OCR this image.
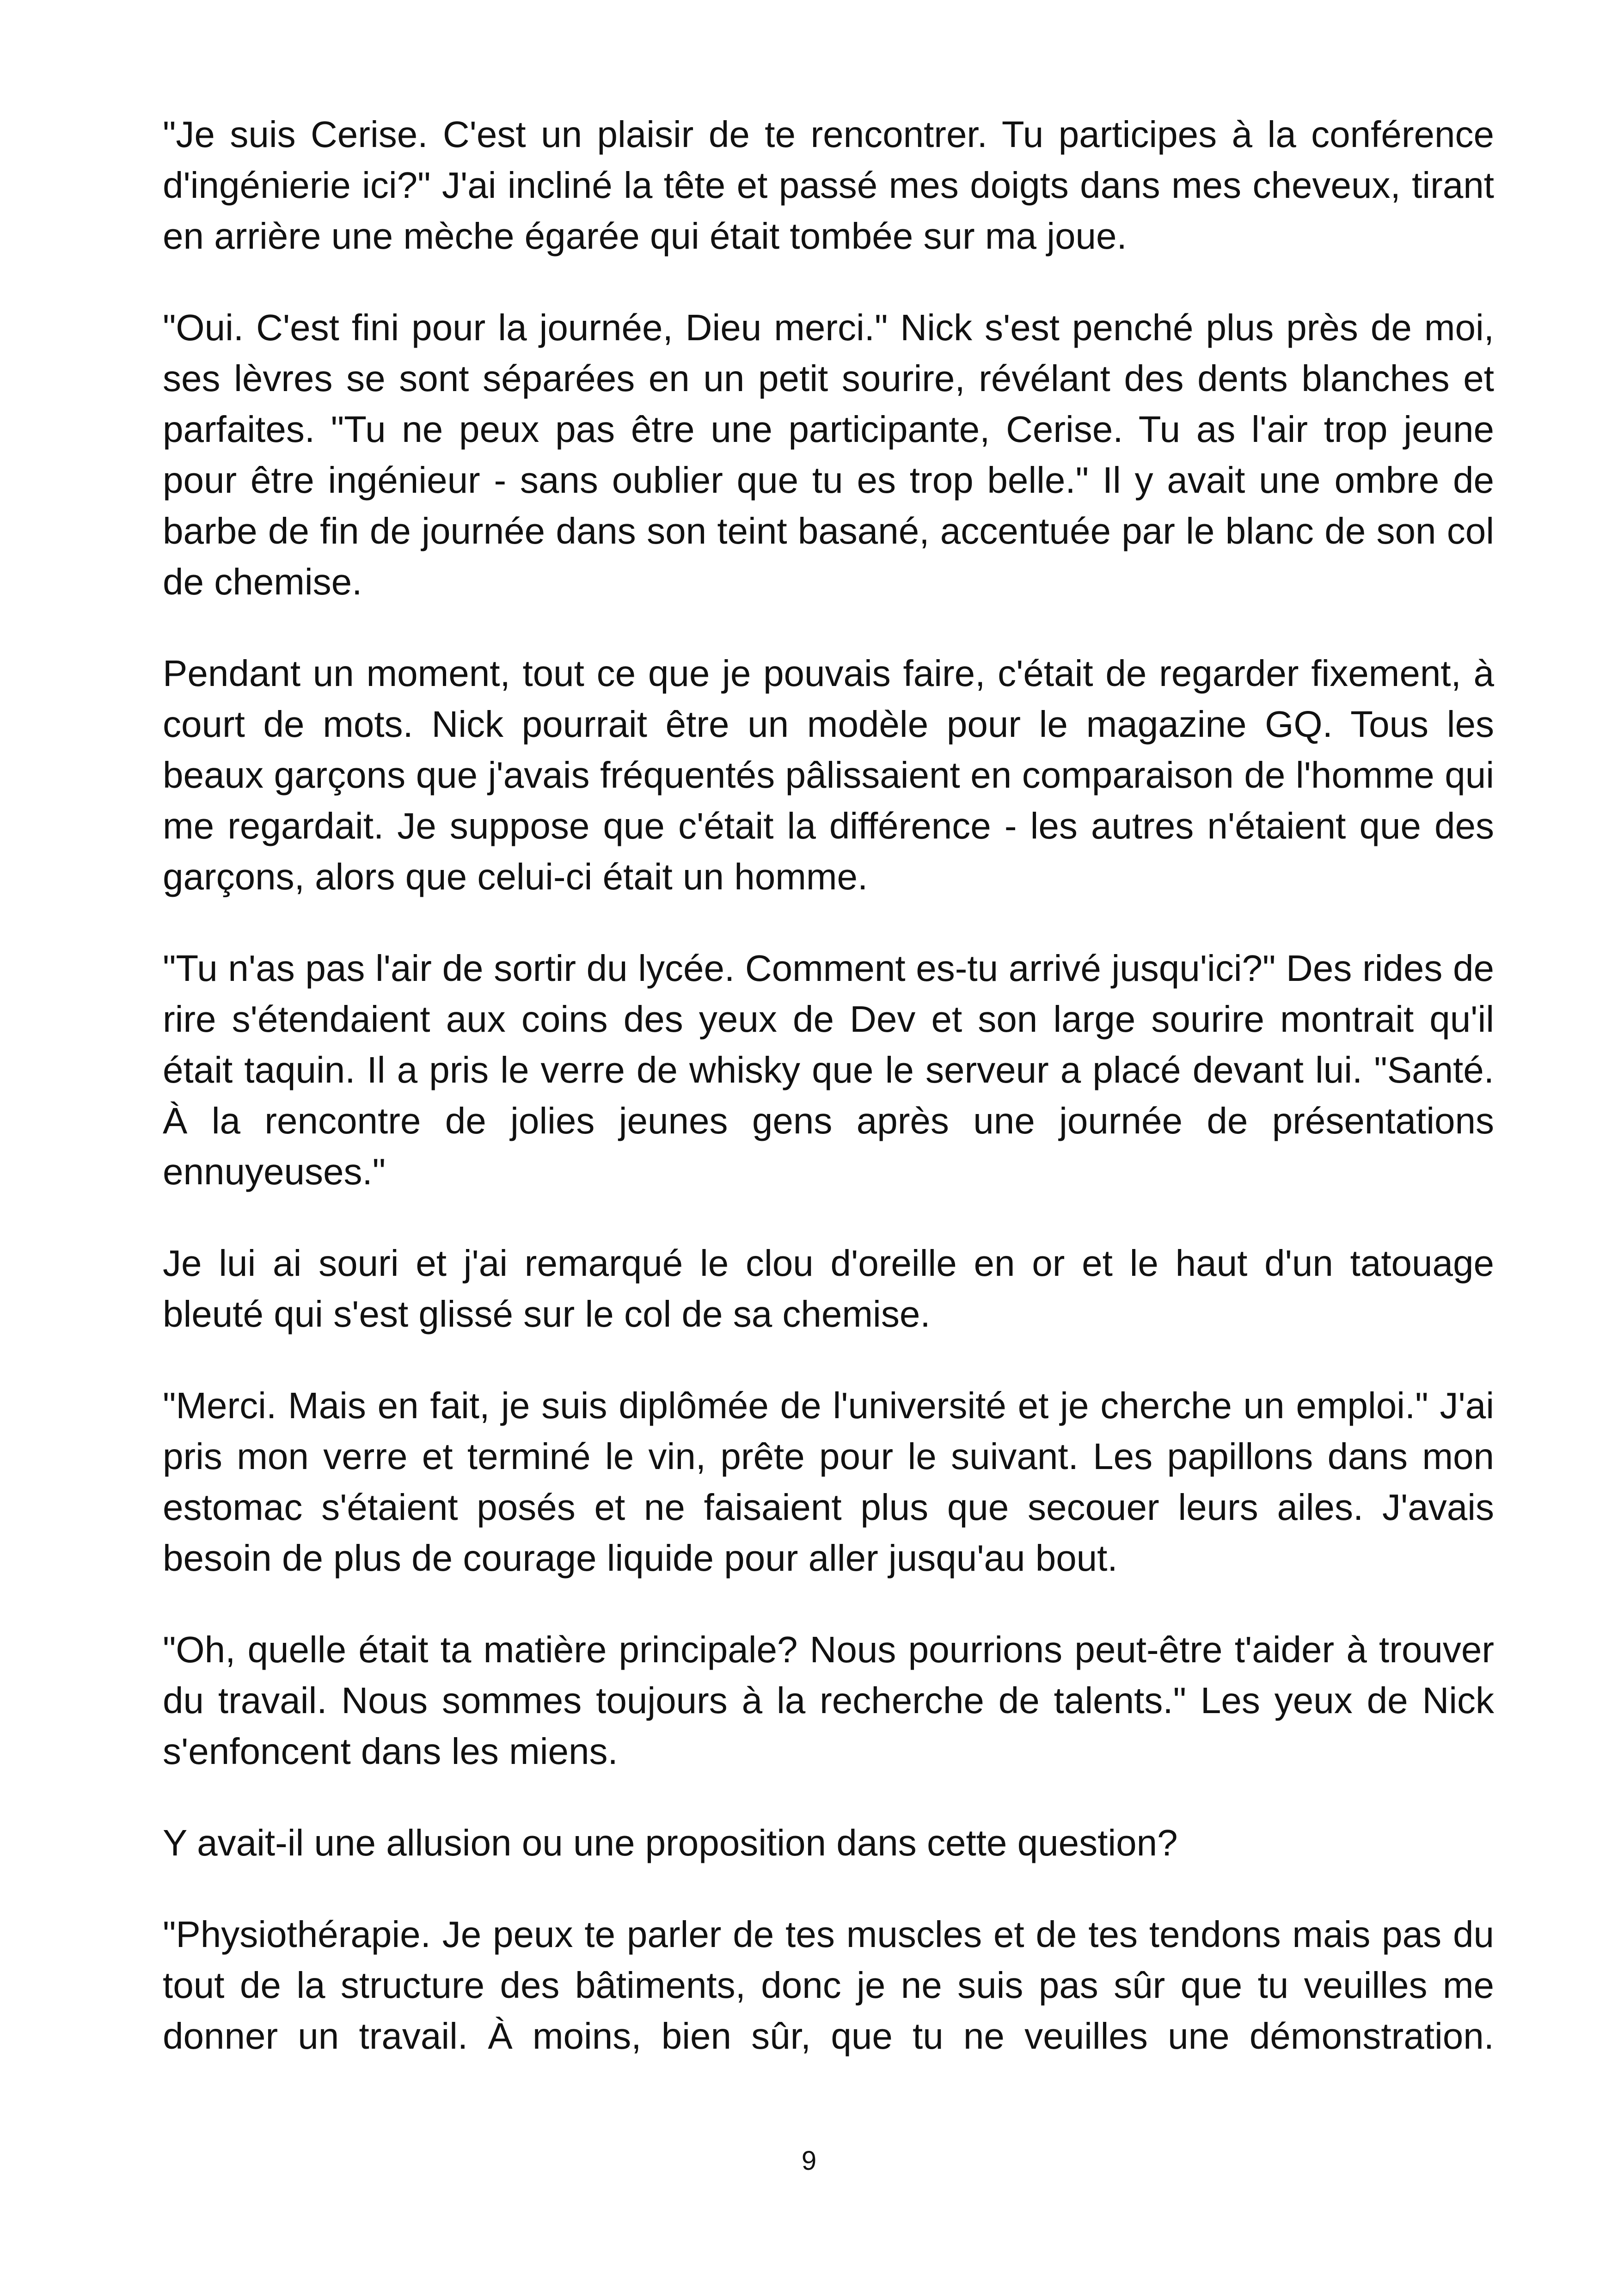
"Je suis Cerise. C'est un plaisir de te rencontrer. Tu participes à la conférence d'ingénierie ici?" J'ai incliné la tête et passé mes doigts dans mes cheveux, tirant en arrière une mèche égarée qui était tombée sur ma joue.

"Oui. C'est fini pour la journée, Dieu merci." Nick s'est penché plus près de moi, ses lèvres se sont séparées en un petit sourire, révélant des dents blanches et parfaites. "Tu ne peux pas être une participante, Cerise. Tu as l'air trop jeune pour être ingénieur - sans oublier que tu es trop belle." Il y avait une ombre de barbe de fin de journée dans son teint basané, accentuée par le blanc de son col de chemise.

Pendant un moment, tout ce que je pouvais faire, c'était de regarder fixement, à court de mots. Nick pourrait être un modèle pour le magazine GQ. Tous les beaux garçons que j'avais fréquentés pâlissaient en comparaison de l'homme qui me regardait. Je suppose que c'était la différence - les autres n'étaient que des garçons, alors que celui-ci était un homme.

"Tu n'as pas l'air de sortir du lycée. Comment es-tu arrivé jusqu'ici?" Des rides de rire s'étendaient aux coins des yeux de Dev et son large sourire montrait qu'il était taquin. Il a pris le verre de whisky que le serveur a placé devant lui. "Santé. À la rencontre de jolies jeunes gens après une journée de présentations ennuyeuses."

Je lui ai souri et j'ai remarqué le clou d'oreille en or et le haut d'un tatouage bleuté qui s'est glissé sur le col de sa chemise.

"Merci. Mais en fait, je suis diplômée de l'université et je cherche un emploi." J'ai pris mon verre et terminé le vin, prête pour le suivant. Les papillons dans mon estomac s'étaient posés et ne faisaient plus que secouer leurs ailes. J'avais besoin de plus de courage liquide pour aller jusqu'au bout.

"Oh, quelle était ta matière principale? Nous pourrions peut-être t'aider à trouver du travail. Nous sommes toujours à la recherche de talents." Les yeux de Nick s'enfoncent dans les miens.

Y avait-il une allusion ou une proposition dans cette question?

"Physiothérapie. Je peux te parler de tes muscles et de tes tendons mais pas du tout de la structure des bâtiments, donc je ne suis pas sûr que tu veuilles me donner un travail. À moins, bien sûr, que tu ne veuilles une démonstration.

9
